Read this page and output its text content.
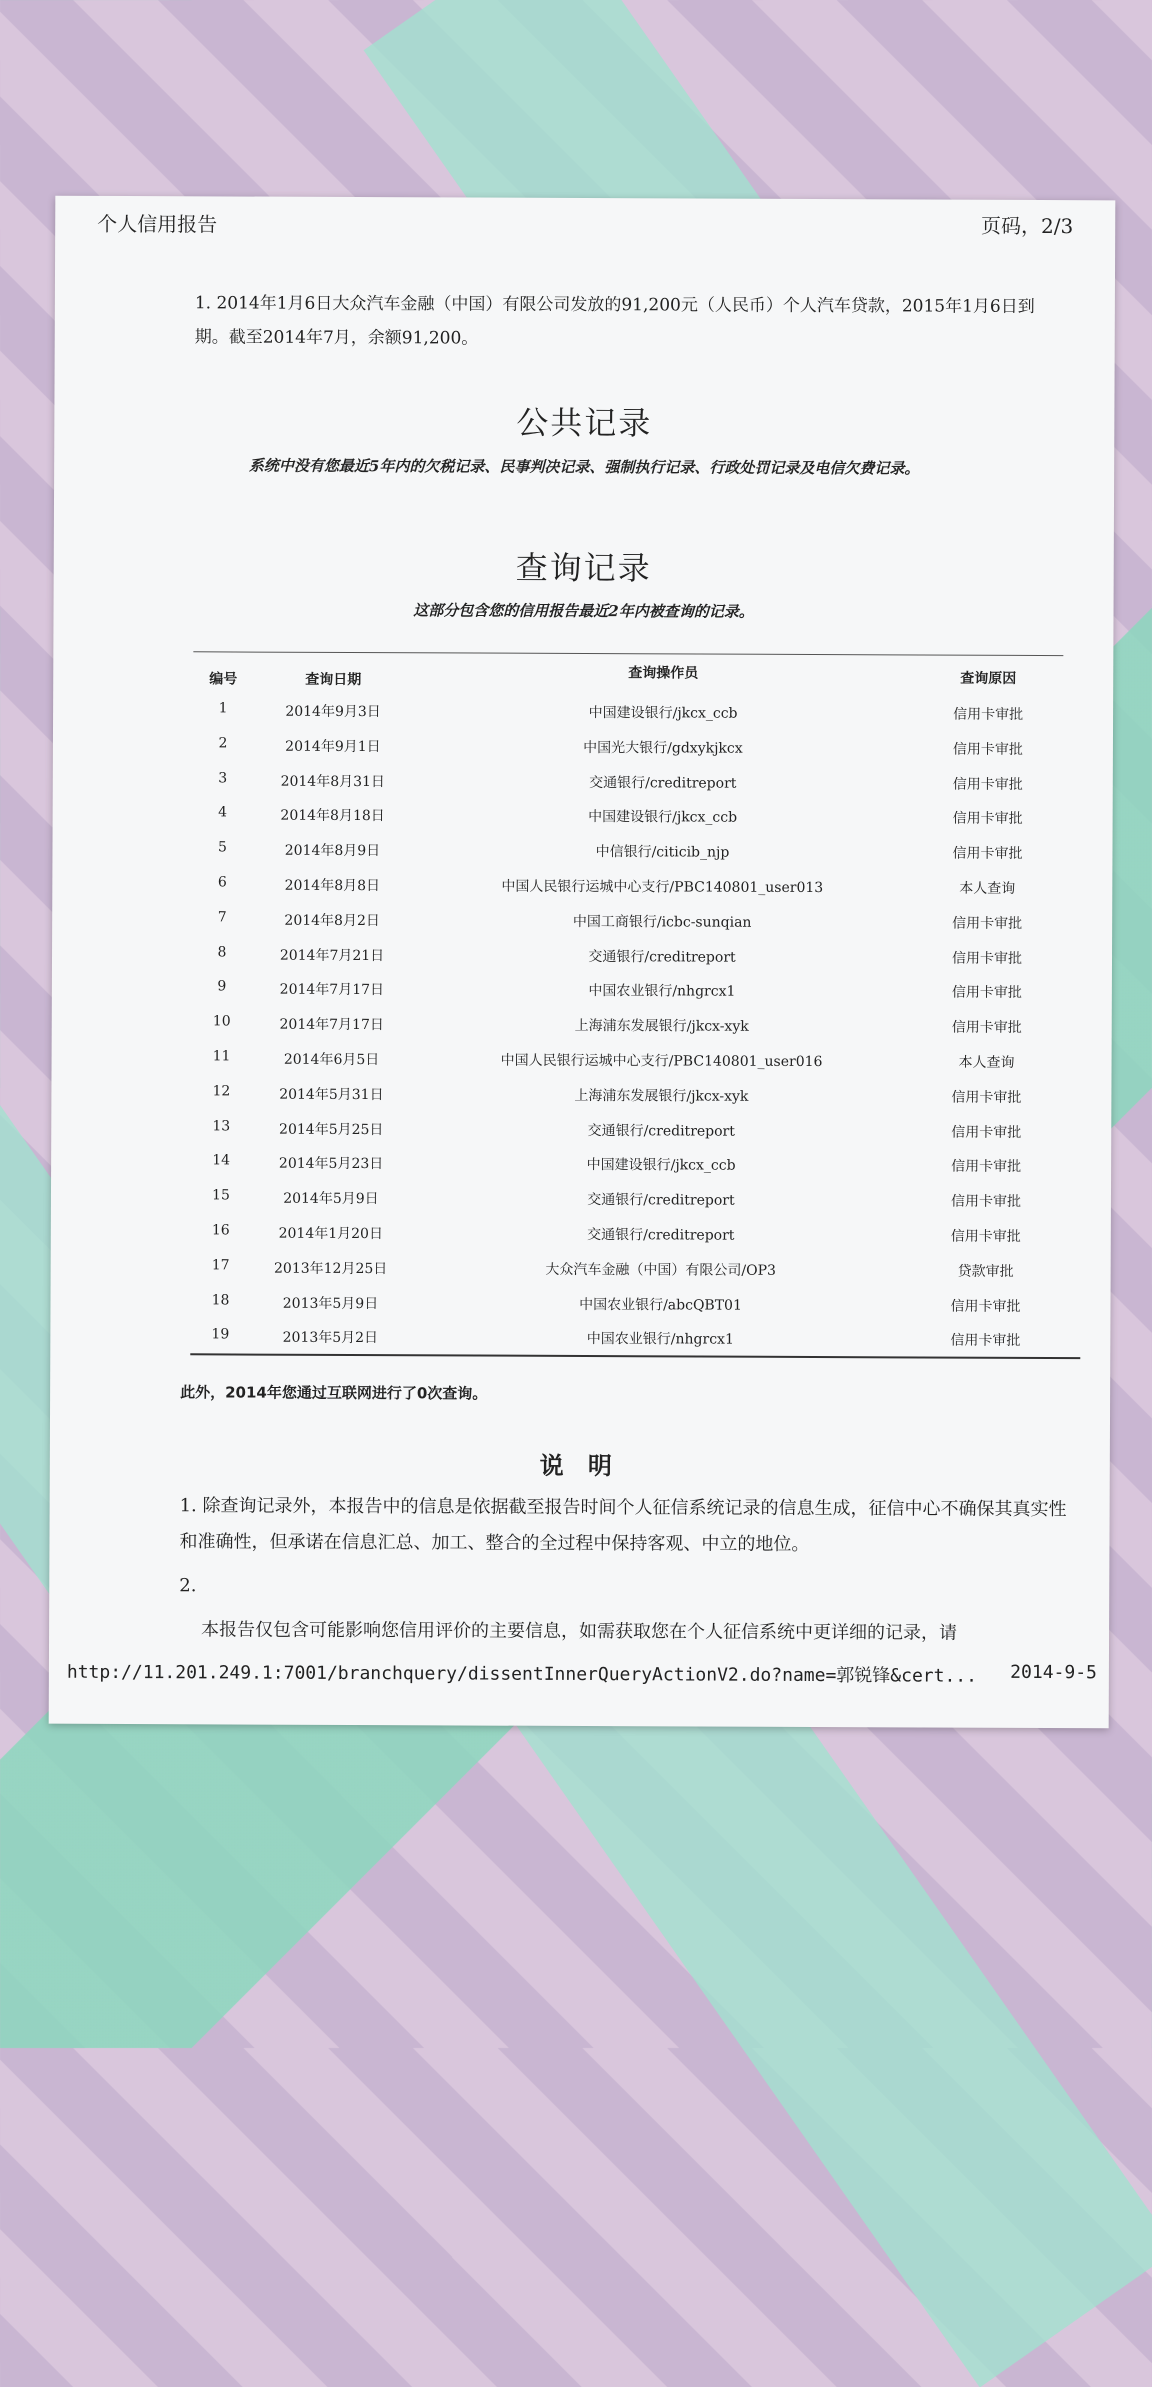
个人信用报告	页码，2/3
1. 2014年1月6日大众汽车金融（中国）有限公司发放的91,200元（人民币）个人汽车贷款，2015年1月6日到期。截至2014年7月，余额91,200。
公共记录
系统中没有您最近5年内的欠税记录、民事判决记录、强制执行记录、行政处罚记录及电信欠费记录。
查询记录
这部分包含您的信用报告最近2年内被查询的记录。
编号	查询日期	查询操作员	查询原因
1	2014年9月3日	中国建设银行/jkcx_ccb	信用卡审批
2	2014年9月1日	中国光大银行/gdxykjkcx	信用卡审批
3	2014年8月31日	交通银行/creditreport	信用卡审批
4	2014年8月18日	中国建设银行/jkcx_ccb	信用卡审批
5	2014年8月9日	中信银行/citicib_njp	信用卡审批
6	2014年8月8日	中国人民银行运城中心支行/PBC140801_user013	本人查询
7	2014年8月2日	中国工商银行/icbc-sunqian	信用卡审批
8	2014年7月21日	交通银行/creditreport	信用卡审批
9	2014年7月17日	中国农业银行/nhgrcx1	信用卡审批
10	2014年7月17日	上海浦东发展银行/jkcx-xyk	信用卡审批
11	2014年6月5日	中国人民银行运城中心支行/PBC140801_user016	本人查询
12	2014年5月31日	上海浦东发展银行/jkcx-xyk	信用卡审批
13	2014年5月25日	交通银行/creditreport	信用卡审批
14	2014年5月23日	中国建设银行/jkcx_ccb	信用卡审批
15	2014年5月9日	交通银行/creditreport	信用卡审批
16	2014年1月20日	交通银行/creditreport	信用卡审批
17	2013年12月25日	大众汽车金融（中国）有限公司/OP3	贷款审批
18	2013年5月9日	中国农业银行/abcQBT01	信用卡审批
19	2013年5月2日	中国农业银行/nhgrcx1	信用卡审批
此外，2014年您通过互联网进行了0次查询。
说 明

1. 除查询记录外，本报告中的信息是依据截至报告时间个人征信系统记录的信息生成，征信中心不确保其真实性和准确性，但承诺在信息汇总、加工、整合的全过程中保持客观、中立的地位。

2.

本报告仅包含可能影响您信用评价的主要信息，如需获取您在个人征信系统中更详细的记录，请

http://11.201.249.1:7001/branchquery/dissentInnerQueryActionV2.do?name=郭锐锋&cert... 2014-9-5
